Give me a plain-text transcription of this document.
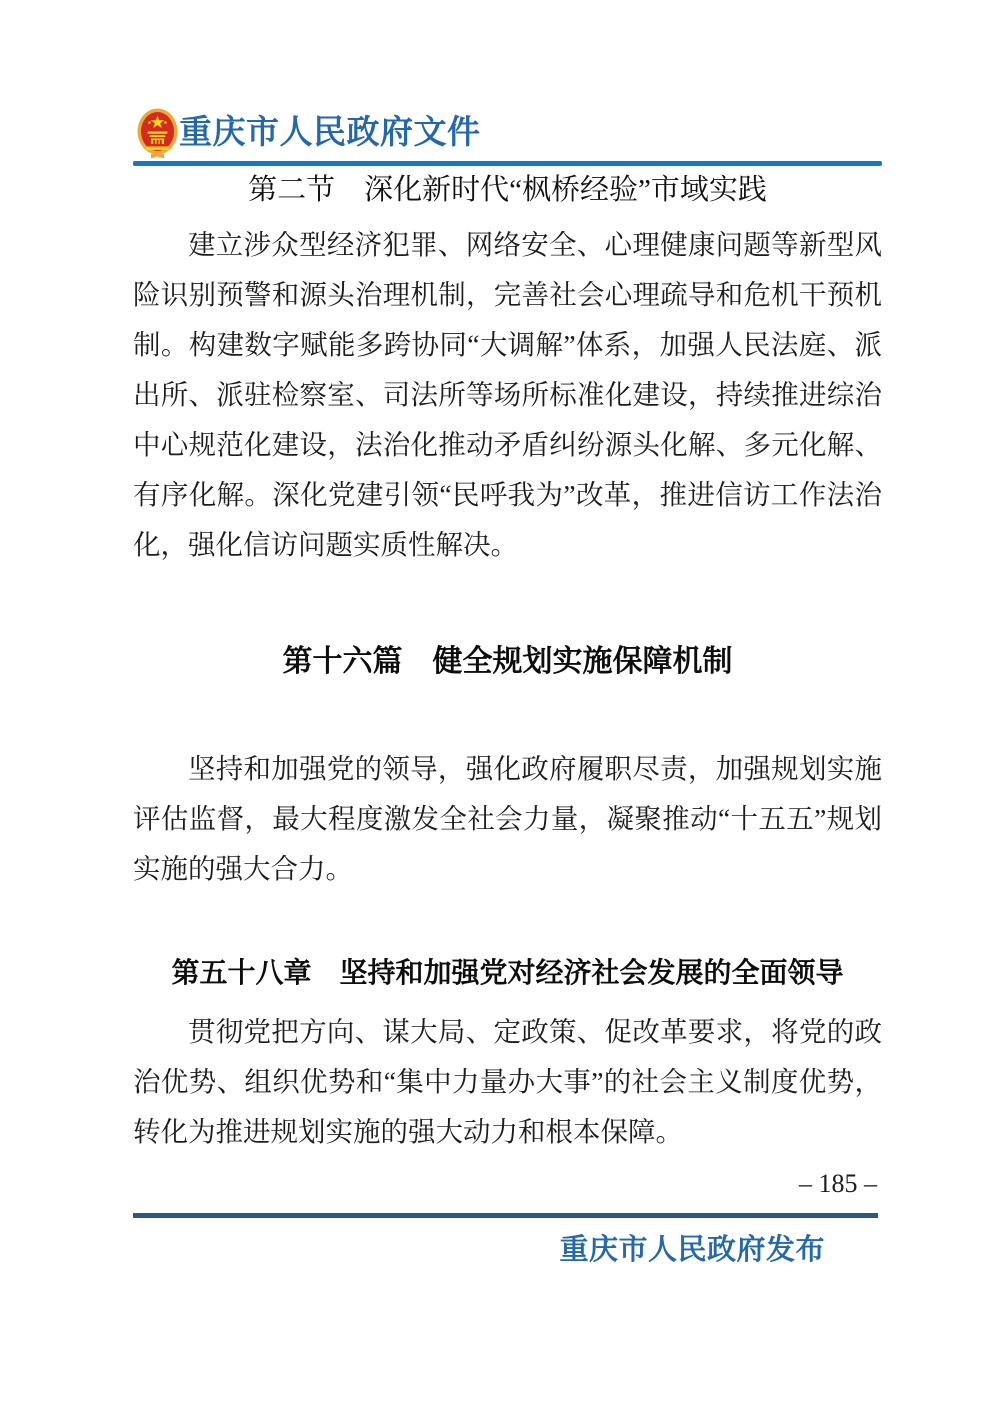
重庆市人民政府文件
第二节　深化新时代“枫桥经验”市域实践
建立涉众型经济犯罪、网络安全、心理健康问题等新型风险识别预警和源头治理机制，完善社会心理疏导和危机干预机制。构建数字赋能多跨协同“大调解”体系，加强人民法庭、派出所、派驻检察室、司法所等场所标准化建设，持续推进综治中心规范化建设，法治化推动矛盾纠纷源头化解、多元化解、有序化解。深化党建引领“民呼我为”改革，推进信访工作法治化，强化信访问题实质性解决。
第十六篇　健全规划实施保障机制
坚持和加强党的领导，强化政府履职尽责，加强规划实施评估监督，最大程度激发全社会力量，凝聚推动“十五五”规划实施的强大合力。
第五十八章　坚持和加强党对经济社会发展的全面领导
贯彻党把方向、谋大局、定政策、促改革要求，将党的政治优势、组织优势和“集中力量办大事”的社会主义制度优势，转化为推进规划实施的强大动力和根本保障。
– 185 –
重庆市人民政府发布
